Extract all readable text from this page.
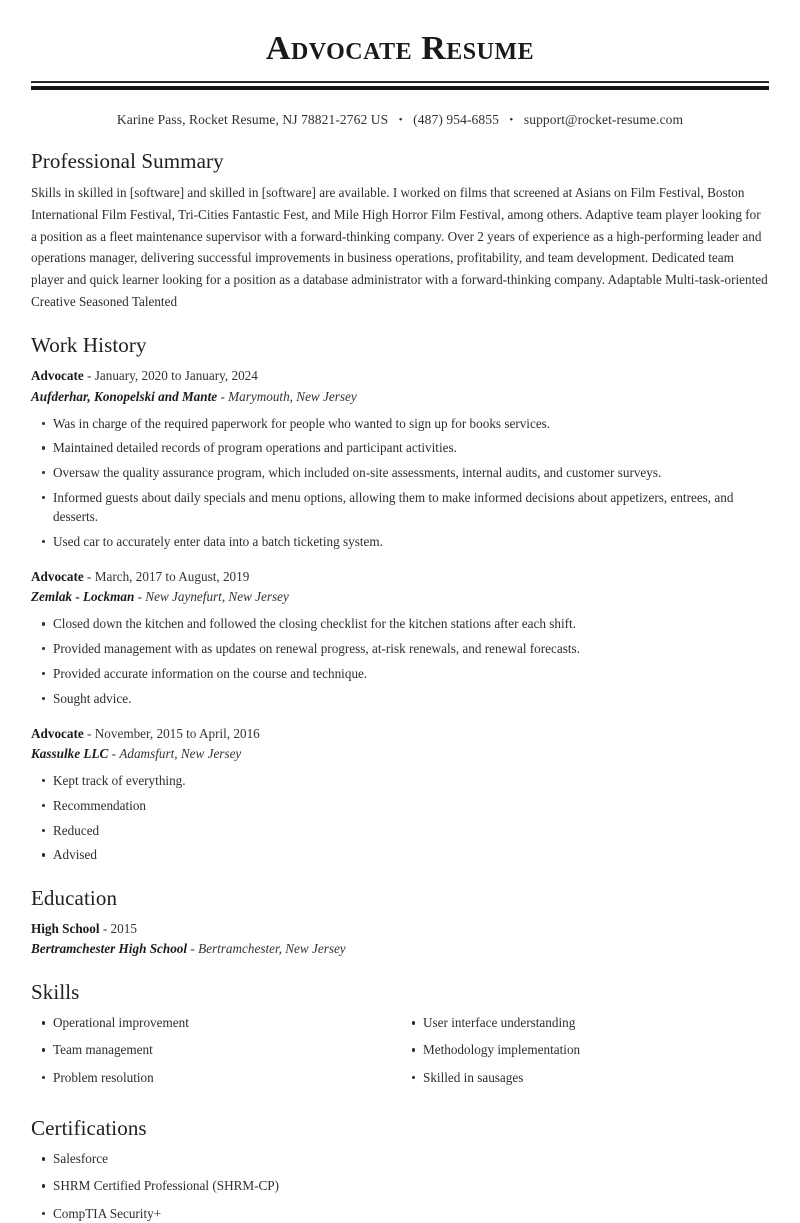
Advocate Resume
Karine Pass, Rocket Resume, NJ 78821-2762 US • (487) 954-6855 • support@rocket-resume.com
Professional Summary

Skills in skilled in [software] and skilled in [software] are available. I worked on films that screened at Asians on Film Festival, Boston International Film Festival, Tri-Cities Fantastic Fest, and Mile High Horror Film Festival, among others. Adaptive team player looking for a position as a fleet maintenance supervisor with a forward-thinking company. Over 2 years of experience as a high-performing leader and operations manager, delivering successful improvements in business operations, profitability, and team development. Dedicated team player and quick learner looking for a position as a database administrator with a forward-thinking company. Adaptable Multi-task-oriented Creative Seasoned Talented

Work History
Advocate - January, 2020 to January, 2024
Aufderhar, Konopelski and Mante - Marymouth, New Jersey
Was in charge of the required paperwork for people who wanted to sign up for books services.
Maintained detailed records of program operations and participant activities.
Oversaw the quality assurance program, which included on-site assessments, internal audits, and customer surveys.
Informed guests about daily specials and menu options, allowing them to make informed decisions about appetizers, entrees, and desserts.
Used car to accurately enter data into a batch ticketing system.
Advocate - March, 2017 to August, 2019
Zemlak - Lockman - New Jaynefurt, New Jersey
Closed down the kitchen and followed the closing checklist for the kitchen stations after each shift.
Provided management with as updates on renewal progress, at-risk renewals, and renewal forecasts.
Provided accurate information on the course and technique.
Sought advice.
Advocate - November, 2015 to April, 2016
Kassulke LLC - Adamsfurt, New Jersey
Kept track of everything.
Recommendation
Reduced
Advised
Education
High School - 2015
Bertramchester High School - Bertramchester, New Jersey
Skills
Operational improvement
Team management
Problem resolution
User interface understanding
Methodology implementation
Skilled in sausages
Certifications
Salesforce
SHRM Certified Professional (SHRM-CP)
CompTIA Security+
